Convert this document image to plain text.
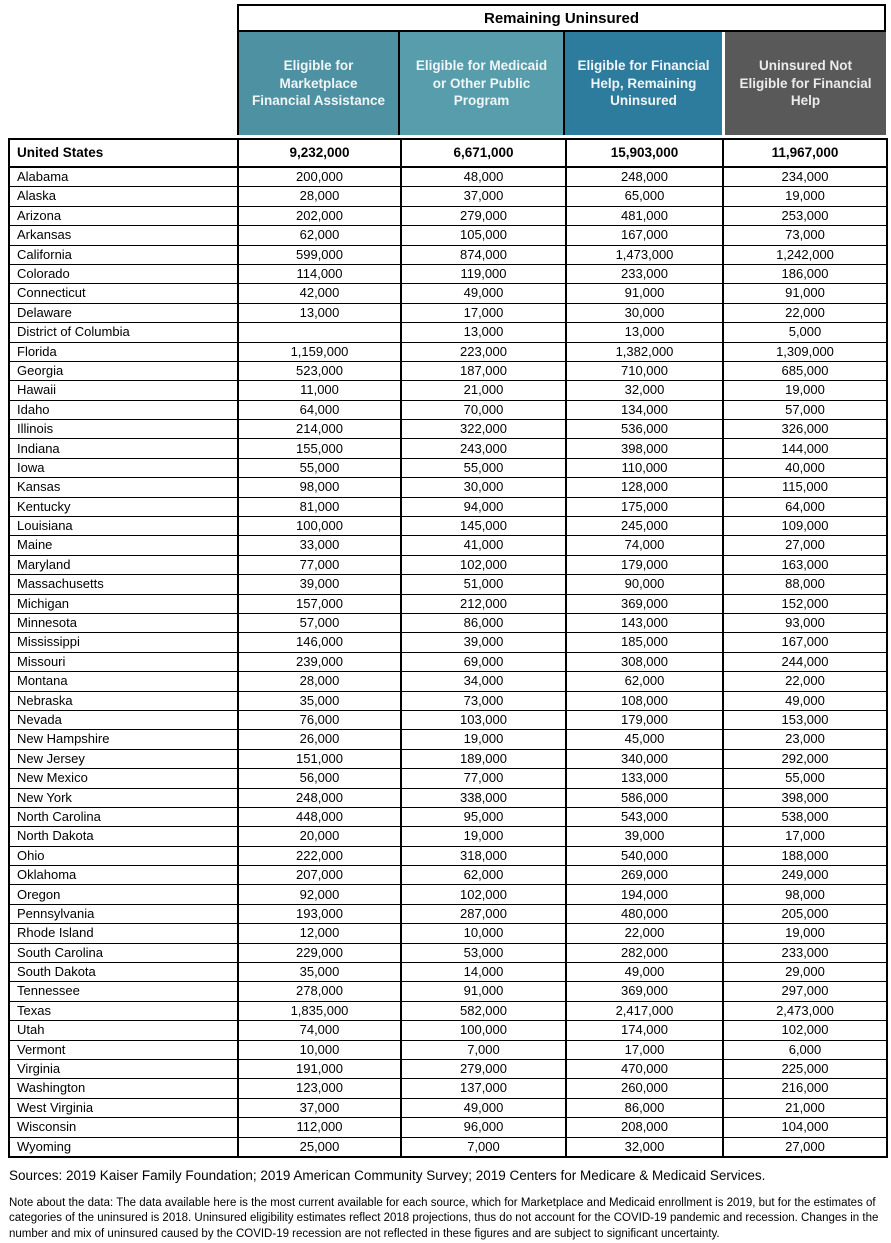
Remaining Uninsured
Eligible for Marketplace Financial Assistance
Eligible for Medicaid or Other Public Program
Eligible for Financial Help, Remaining Uninsured
Uninsured Not Eligible for Financial Help
United States	9,232,000	6,671,000	15,903,000	11,967,000
Alabama	200,000	48,000	248,000	234,000
Alaska	28,000	37,000	65,000	19,000
Arizona	202,000	279,000	481,000	253,000
Arkansas	62,000	105,000	167,000	73,000
California	599,000	874,000	1,473,000	1,242,000
Colorado	114,000	119,000	233,000	186,000
Connecticut	42,000	49,000	91,000	91,000
Delaware	13,000	17,000	30,000	22,000
District of Columbia		13,000	13,000	5,000
Florida	1,159,000	223,000	1,382,000	1,309,000
Georgia	523,000	187,000	710,000	685,000
Hawaii	11,000	21,000	32,000	19,000
Idaho	64,000	70,000	134,000	57,000
Illinois	214,000	322,000	536,000	326,000
Indiana	155,000	243,000	398,000	144,000
Iowa	55,000	55,000	110,000	40,000
Kansas	98,000	30,000	128,000	115,000
Kentucky	81,000	94,000	175,000	64,000
Louisiana	100,000	145,000	245,000	109,000
Maine	33,000	41,000	74,000	27,000
Maryland	77,000	102,000	179,000	163,000
Massachusetts	39,000	51,000	90,000	88,000
Michigan	157,000	212,000	369,000	152,000
Minnesota	57,000	86,000	143,000	93,000
Mississippi	146,000	39,000	185,000	167,000
Missouri	239,000	69,000	308,000	244,000
Montana	28,000	34,000	62,000	22,000
Nebraska	35,000	73,000	108,000	49,000
Nevada	76,000	103,000	179,000	153,000
New Hampshire	26,000	19,000	45,000	23,000
New Jersey	151,000	189,000	340,000	292,000
New Mexico	56,000	77,000	133,000	55,000
New York	248,000	338,000	586,000	398,000
North Carolina	448,000	95,000	543,000	538,000
North Dakota	20,000	19,000	39,000	17,000
Ohio	222,000	318,000	540,000	188,000
Oklahoma	207,000	62,000	269,000	249,000
Oregon	92,000	102,000	194,000	98,000
Pennsylvania	193,000	287,000	480,000	205,000
Rhode Island	12,000	10,000	22,000	19,000
South Carolina	229,000	53,000	282,000	233,000
South Dakota	35,000	14,000	49,000	29,000
Tennessee	278,000	91,000	369,000	297,000
Texas	1,835,000	582,000	2,417,000	2,473,000
Utah	74,000	100,000	174,000	102,000
Vermont	10,000	7,000	17,000	6,000
Virginia	191,000	279,000	470,000	225,000
Washington	123,000	137,000	260,000	216,000
West Virginia	37,000	49,000	86,000	21,000
Wisconsin	112,000	96,000	208,000	104,000
Wyoming	25,000	7,000	32,000	27,000
Sources: 2019 Kaiser Family Foundation; 2019 American Community Survey; 2019 Centers for Medicare & Medicaid Services.
Note about the data: The data available here is the most current available for each source, which for Marketplace and Medicaid enrollment is 2019, but for the estimates of categories of the uninsured is 2018. Uninsured eligibility estimates reflect 2018 projections, thus do not account for the COVID-19 pandemic and recession. Changes in the number and mix of uninsured caused by the COVID-19 recession are not reflected in these figures and are subject to significant uncertainty.
